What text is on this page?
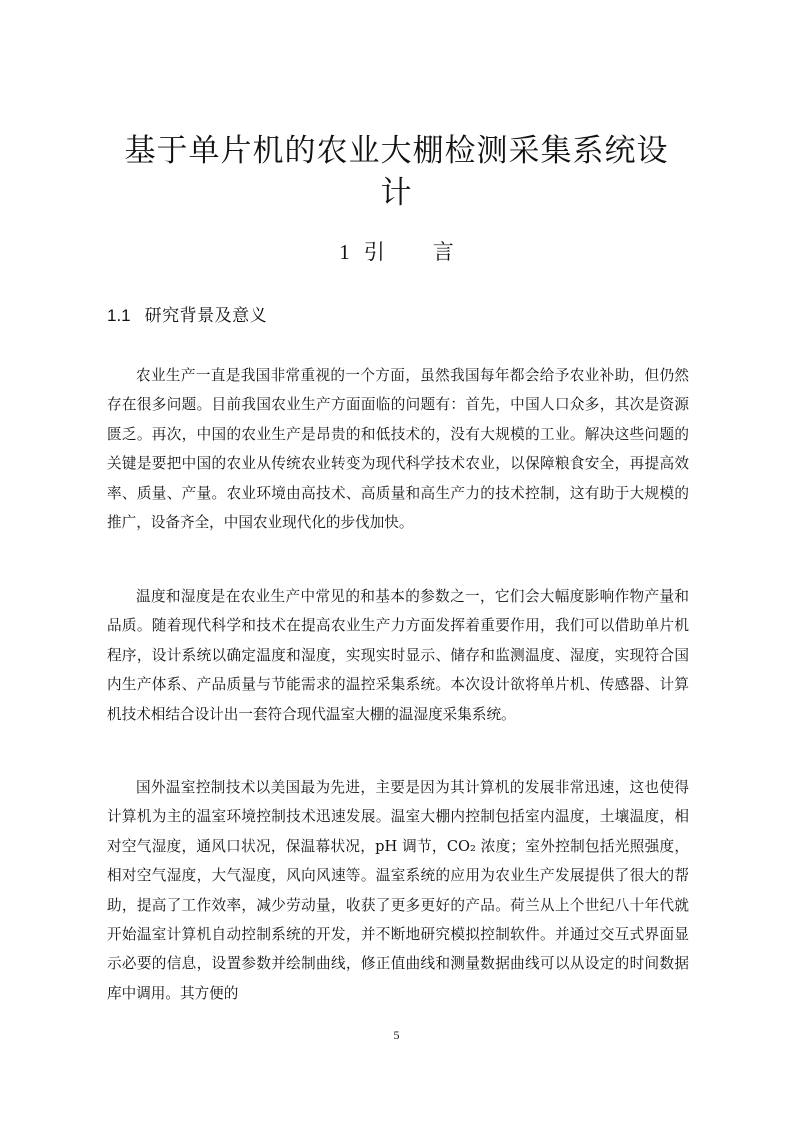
基于单片机的农业大棚检测采集系统设
计
1 引言
1.1 研究背景及意义

农业生产一直是我国非常重视的一个方面，虽然我国每年都会给予农业补助，但仍然存在很多问题。目前我国农业生产方面面临的问题有：首先，中国人口众多，其次是资源匮乏。再次，中国的农业生产是昂贵的和低技术的，没有大规模的工业。解决这些问题的关键是要把中国的农业从传统农业转变为现代科学技术农业，以保障粮食安全，再提高效率、质量、产量。农业环境由高技术、高质量和高生产力的技术控制，这有助于大规模的推广，设备齐全，中国农业现代化的步伐加快。

温度和湿度是在农业生产中常见的和基本的参数之一，它们会大幅度影响作物产量和品质。随着现代科学和技术在提高农业生产力方面发挥着重要作用，我们可以借助单片机程序，设计系统以确定温度和湿度，实现实时显示、储存和监测温度、湿度，实现符合国内生产体系、产品质量与节能需求的温控采集系统。本次设计欲将单片机、传感器、计算机技术相结合设计出一套符合现代温室大棚的温湿度采集系统。

国外温室控制技术以美国最为先进，主要是因为其计算机的发展非常迅速，这也使得计算机为主的温室环境控制技术迅速发展。温室大棚内控制包括室内温度，土壤温度，相对空气湿度，通风口状况，保温幕状况，pH 调节，CO₂ 浓度；室外控制包括光照强度，相对空气湿度，大气湿度，风向风速等。温室系统的应用为农业生产发展提供了很大的帮助，提高了工作效率，减少劳动量，收获了更多更好的产品。荷兰从上个世纪八十年代就开始温室计算机自动控制系统的开发，并不断地研究模拟控制软件。并通过交互式界面显示必要的信息，设置参数并绘制曲线，修正值曲线和测量数据曲线可以从设定的时间数据库中调用。其方便的

5
